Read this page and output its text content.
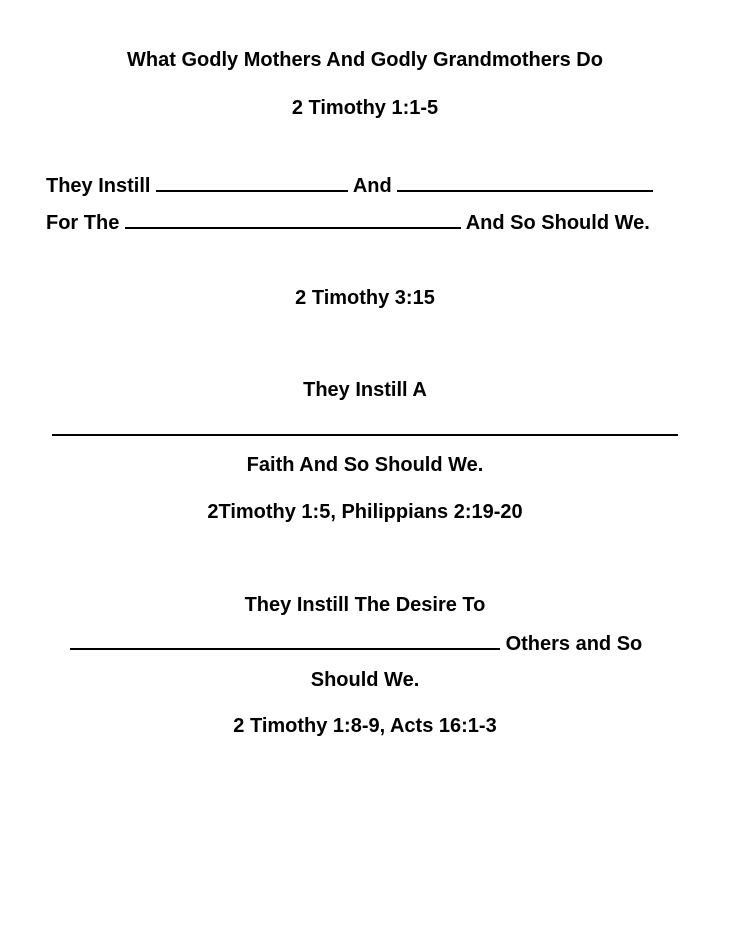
What Godly Mothers And Godly Grandmothers Do
2 Timothy 1:1-5
They Instill	And
For The	And So Should We.
2 Timothy 3:15
They Instill A
Faith And So Should We.
2Timothy 1:5, Philippians 2:19-20
They Instill The Desire To
Others and So
Should We.
2 Timothy 1:8-9, Acts 16:1-3
